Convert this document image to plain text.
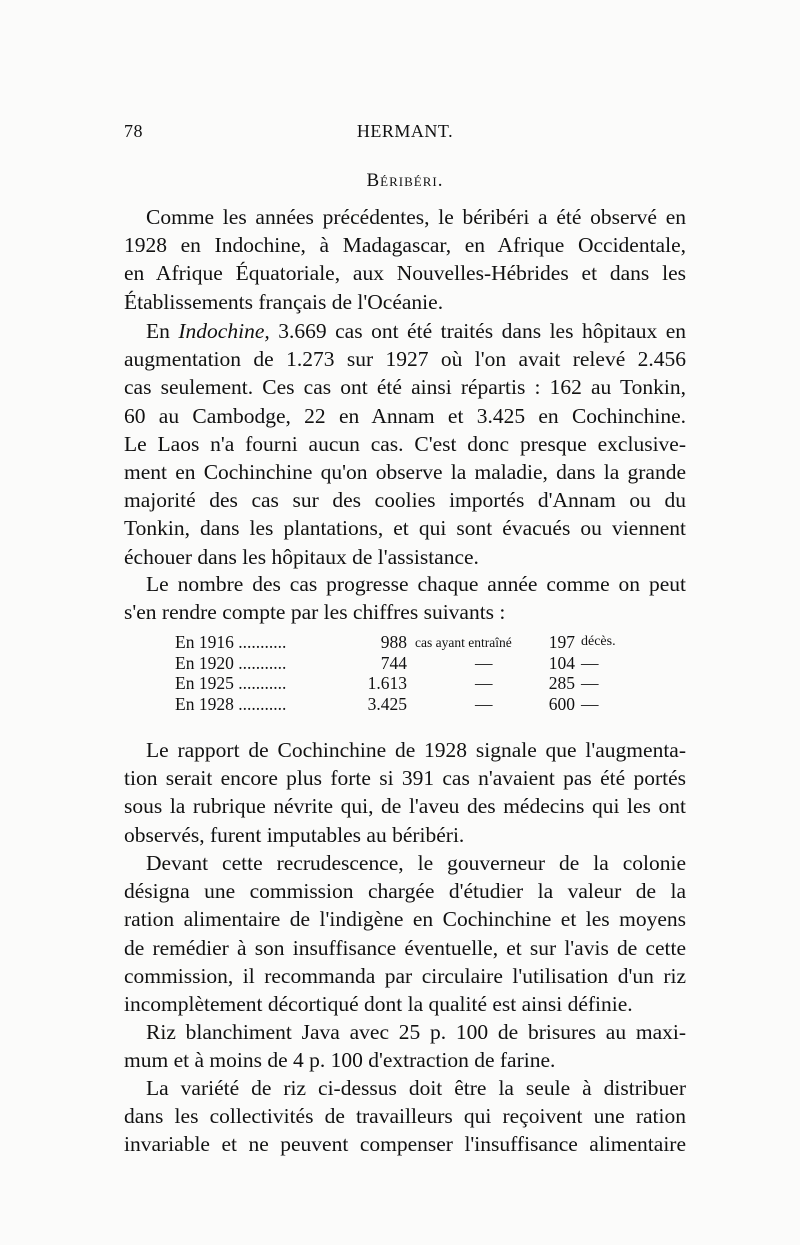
78	HERMANT.
Béribéri.
Comme les années précédentes, le béribéri a été observé en
1928 en Indochine, à Madagascar, en Afrique Occidentale,
en Afrique Équatoriale, aux Nouvelles-Hébrides et dans les
Établissements français de l'Océanie.
En Indochine, 3.669 cas ont été traités dans les hôpitaux en
augmentation de 1.273 sur 1927 où l'on avait relevé 2.456
cas seulement. Ces cas ont été ainsi répartis : 162 au Tonkin,
60 au Cambodge, 22 en Annam et 3.425 en Cochinchine.
Le Laos n'a fourni aucun cas. C'est donc presque exclusive-
ment en Cochinchine qu'on observe la maladie, dans la grande
majorité des cas sur des coolies importés d'Annam ou du
Tonkin, dans les plantations, et qui sont évacués ou viennent
échouer dans les hôpitaux de l'assistance.
Le nombre des cas progresse chaque année comme on peut
s'en rendre compte par les chiffres suivants :
En 1916 ...........	988 cas ayant entraîné	197 décès.
En 1920 ...........	744	—	104 —
En 1925 ...........	1.613	—	285 —
En 1928 ...........	3.425	—	600 —
Le rapport de Cochinchine de 1928 signale que l'augmenta-
tion serait encore plus forte si 391 cas n'avaient pas été portés
sous la rubrique névrite qui, de l'aveu des médecins qui les ont
observés, furent imputables au béribéri.
Devant cette recrudescence, le gouverneur de la colonie
désigna une commission chargée d'étudier la valeur de la
ration alimentaire de l'indigène en Cochinchine et les moyens
de remédier à son insuffisance éventuelle, et sur l'avis de cette
commission, il recommanda par circulaire l'utilisation d'un riz
incomplètement décortiqué dont la qualité est ainsi définie.
Riz blanchiment Java avec 25 p. 100 de brisures au maxi-
mum et à moins de 4 p. 100 d'extraction de farine.
La variété de riz ci-dessus doit être la seule à distribuer
dans les collectivités de travailleurs qui reçoivent une ration
invariable et ne peuvent compenser l'insuffisance alimentaire
